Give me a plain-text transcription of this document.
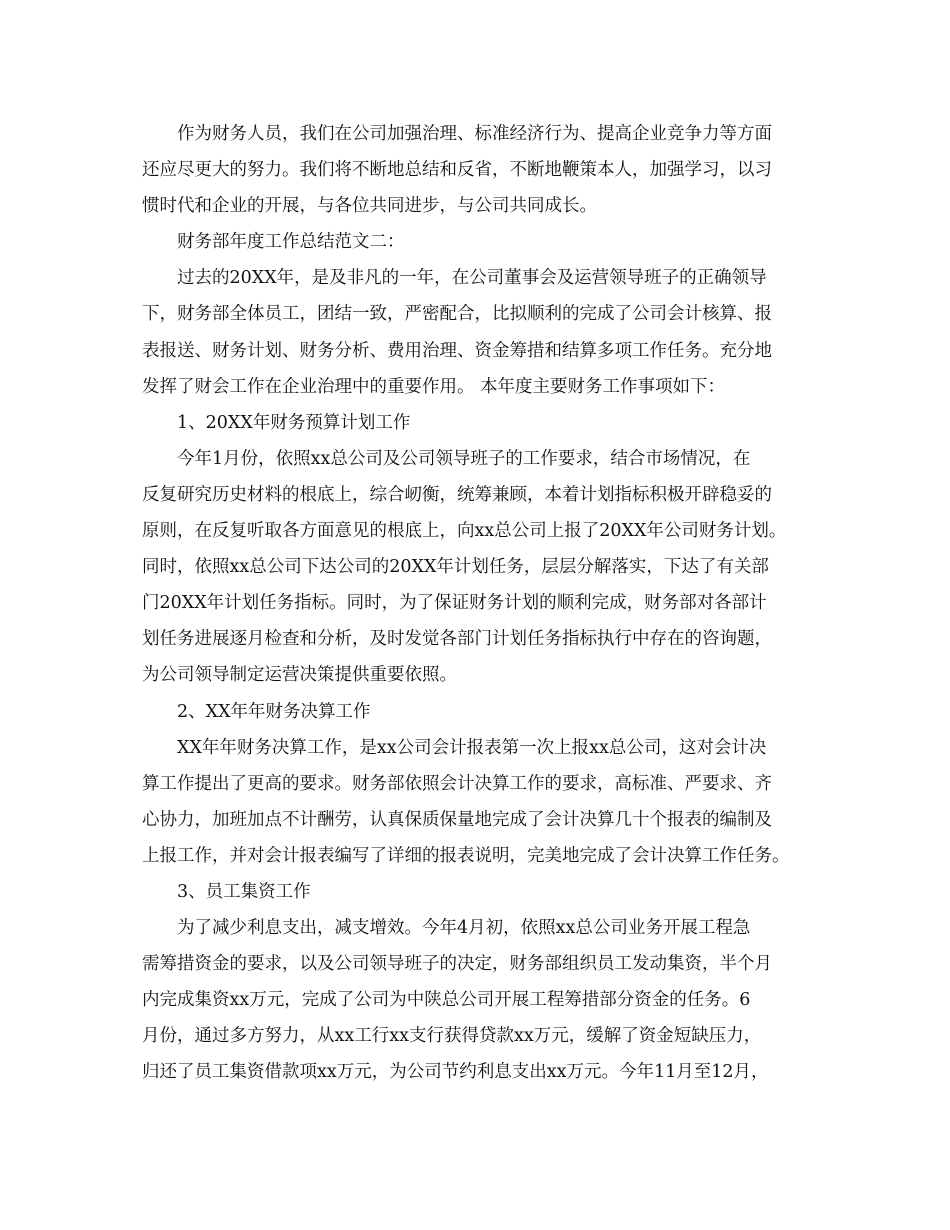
作为财务人员，我们在公司加强治理、标准经济行为、提高企业竞争力等方面
还应尽更大的努力。我们将不断地总结和反省，不断地鞭策本人，加强学习，以习
惯时代和企业的开展，与各位共同进步，与公司共同成长。
财务部年度工作总结范文二：
过去的20XX年，是及非凡的一年，在公司董事会及运营领导班子的正确领导
下，财务部全体员工，团结一致，严密配合，比拟顺利的完成了公司会计核算、报
表报送、财务计划、财务分析、费用治理、资金筹措和结算多项工作任务。充分地
发挥了财会工作在企业治理中的重要作用。 本年度主要财务工作事项如下：
1、20XX年财务预算计划工作
今年1月份，依照xx总公司及公司领导班子的工作要求，结合市场情况，在
反复研究历史材料的根底上，综合屻衡，统筹兼顾，本着计划指标积极开辟稳妥的
原则，在反复听取各方面意见的根底上，向xx总公司上报了20XX年公司财务计划。
同时，依照xx总公司下达公司的20XX年计划任务，层层分解落实，下达了有关部
门20XX年计划任务指标。同时，为了保证财务计划的顺利完成，财务部对各部计
划任务进展逐月检查和分析，及时发觉各部门计划任务指标执行中存在的咨询题，
为公司领导制定运营决策提供重要依照。
2、XX年年财务决算工作
XX年年财务决算工作，是xx公司会计报表第一次上报xx总公司，这对会计决
算工作提出了更高的要求。财务部依照会计决算工作的要求，高标准、严要求、齐
心协力，加班加点不计酬劳，认真保质保量地完成了会计决算几十个报表的编制及
上报工作，并对会计报表编写了详细的报表说明，完美地完成了会计决算工作任务。
3、员工集资工作
为了减少利息支出，减支增效。今年4月初，依照xx总公司业务开展工程急
需筹措资金的要求，以及公司领导班子的决定，财务部组织员工发动集资，半个月
内完成集资xx万元，完成了公司为中陕总公司开展工程筹措部分资金的任务。6
月份，通过多方努力，从xx工行xx支行获得贷款xx万元，缓解了资金短缺压力，
归还了员工集资借款项xx万元，为公司节约利息支出xx万元。今年11月至12月，
